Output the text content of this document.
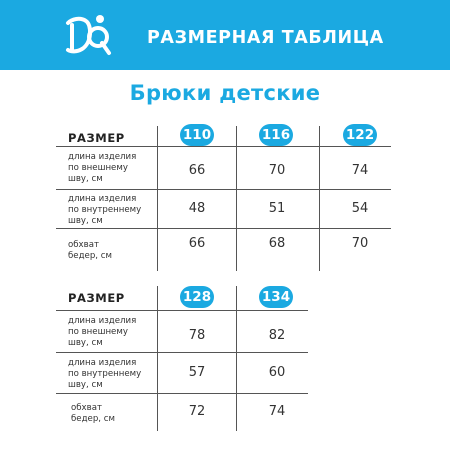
РАЗМЕРНАЯ ТАБЛИЦА
Брюки детские
РАЗМЕР	110	116	122
длина изделия
по внешнему
шву, см
66	70	74
длина изделия
по внутреннему
шву, см
48	51	54
обхват
бедер, см
66	68	70
РАЗМЕР	128	134
длина изделия
по внешнему
шву, см	78	82
длина изделия
по внутреннему
шву, см
57	60
обхват
бедер, см	72	74
